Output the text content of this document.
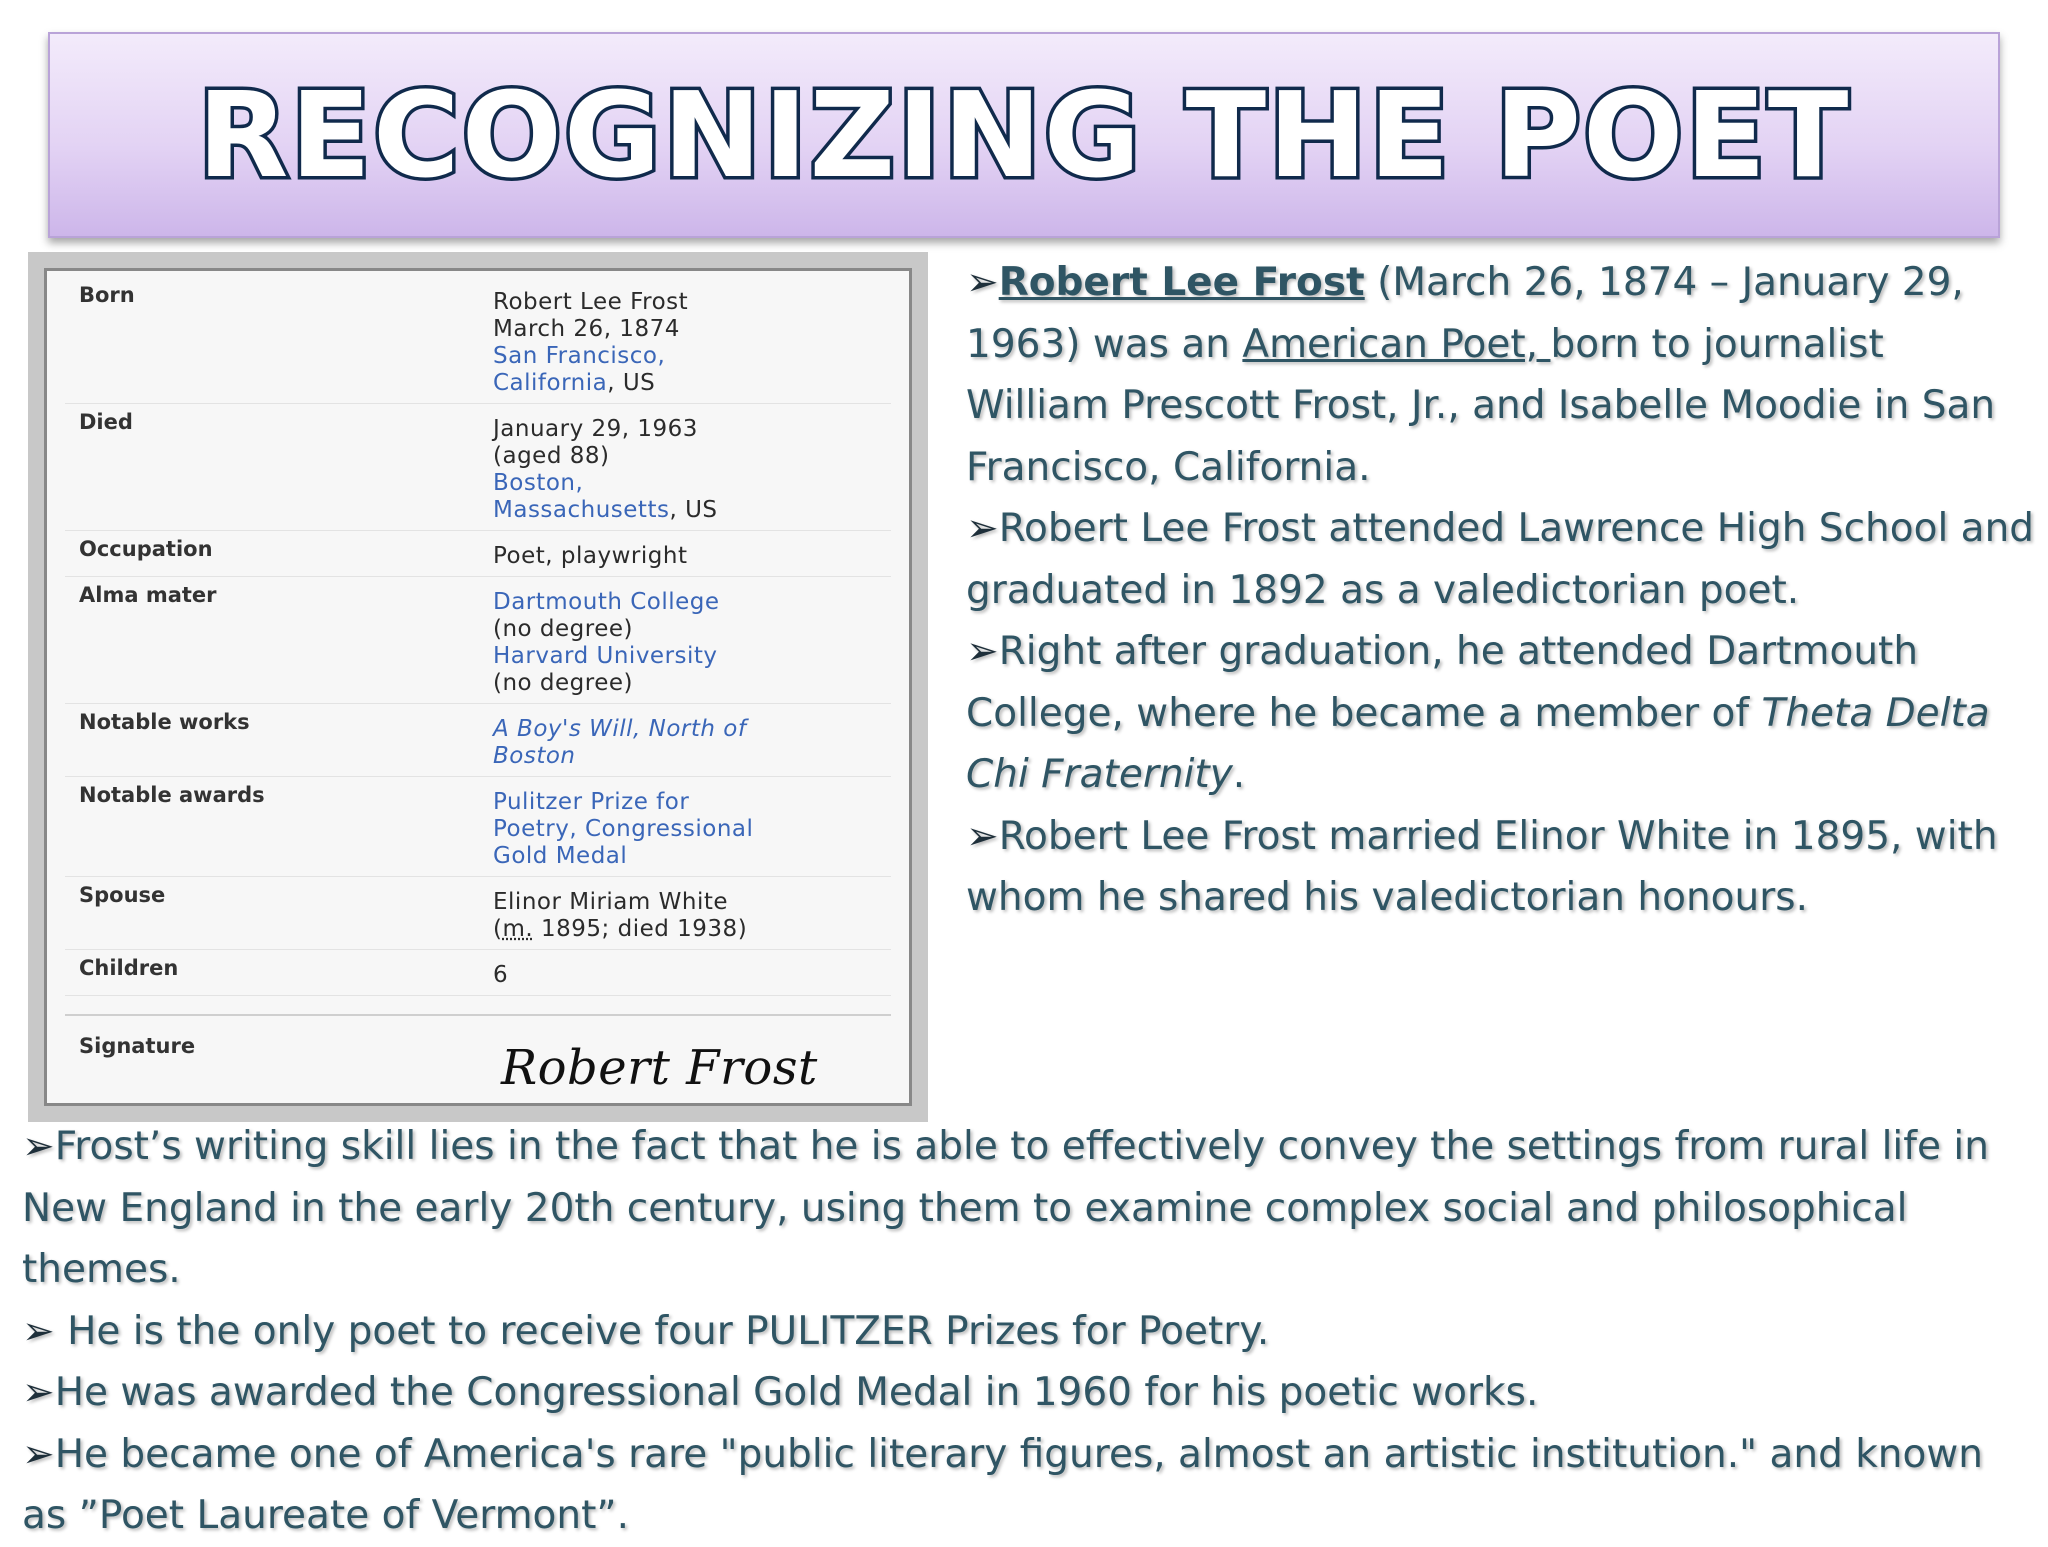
RECOGNIZING THE POET
Born	Robert Lee Frost
March 26, 1874
San Francisco,
California, US
Died	January 29, 1963
(aged 88)
Boston,
Massachusetts, US
Occupation	Poet, playwright
Alma mater	Dartmouth College
(no degree)
Harvard University
(no degree)
Notable works	A Boy's Will, North of
Boston
Notable awards	Pulitzer Prize for
Poetry, Congressional
Gold Medal
Spouse	Elinor Miriam White
(m. 1895; died 1938)
Children	6
Signature	Robert Frost

➢Robert Lee Frost (March 26, 1874 – January 29, 1963) was an American Poet, born to journalist William Prescott Frost, Jr., and Isabelle Moodie in San Francisco, California.

➢Robert Lee Frost attended Lawrence High School and graduated in 1892 as a valedictorian poet.

➢Right after graduation, he attended Dartmouth College, where he became a member of Theta Delta Chi Fraternity.

➢Robert Lee Frost married Elinor White in 1895, with whom he shared his valedictorian honours.

➢Frost’s writing skill lies in the fact that he is able to effectively convey the settings from rural life in New England in the early 20th century, using them to examine complex social and philosophical themes.

➢ He is the only poet to receive four PULITZER Prizes for Poetry.

➢He was awarded the Congressional Gold Medal in 1960 for his poetic works.

➢He became one of America's rare "public literary figures, almost an artistic institution." and known as ”Poet Laureate of Vermont”.
